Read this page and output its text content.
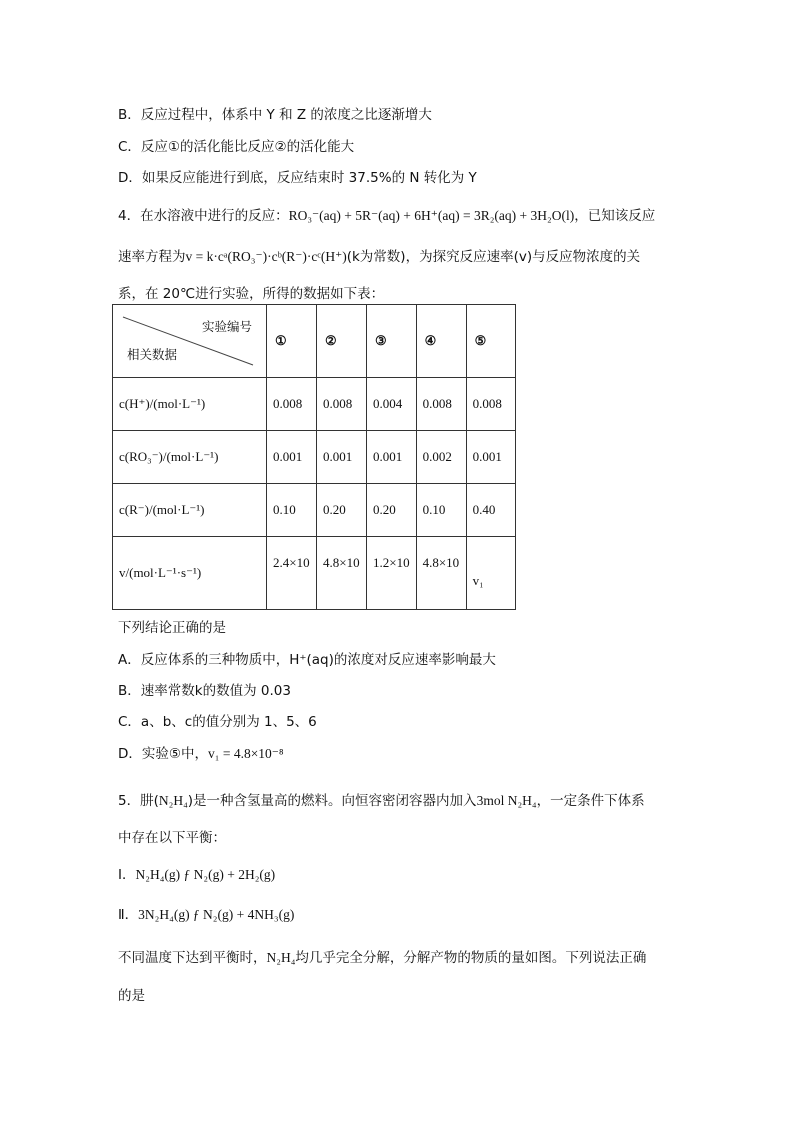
B．反应过程中，体系中 Y 和 Z 的浓度之比逐渐增大
C．反应①的活化能比反应②的活化能大
D．如果反应能进行到底，反应结束时 37.5%的 N 转化为 Y
4．在水溶液中进行的反应：RO₃⁻(aq) + 5R⁻(aq) + 6H⁺(aq) = 3R₂(aq) + 3H₂O(l)，已知该反应
速率方程为v = k·cᵃ(RO₃⁻)·cᵇ(R⁻)·cᶜ(H⁺)(k为常数)，为探究反应速率(v)与反应物浓度的关
系，在 20℃进行实验，所得的数据如下表：
实验编号
相关数据	①	②	③	④	⑤
c(H⁺)/(mol·L⁻¹)	0.008	0.008	0.004	0.008	0.008
c(RO₃⁻)/(mol·L⁻¹)	0.001	0.001	0.001	0.002	0.001
c(R⁻)/(mol·L⁻¹)	0.10	0.20	0.20	0.10	0.40
v/(mol·L⁻¹·s⁻¹)	2.4×10	4.8×10	1.2×10	4.8×10	v₁
下列结论正确的是
A．反应体系的三种物质中，H⁺(aq)的浓度对反应速率影响最大
B．速率常数k的数值为 0.03
C．a、b、c的值分别为 1、5、6
D．实验⑤中，v₁ = 4.8×10⁻⁸
5．肼(N₂H₄)是一种含氢量高的燃料。向恒容密闭容器内加入3mol N₂H₄，一定条件下体系
中存在以下平衡：
I．N₂H₄(g) ƒ N₂(g) + 2H₂(g)
Ⅱ．3N₂H₄(g) ƒ N₂(g) + 4NH₃(g)
不同温度下达到平衡时，N₂H₄均几乎完全分解，分解产物的物质的量如图。下列说法正确
的是
